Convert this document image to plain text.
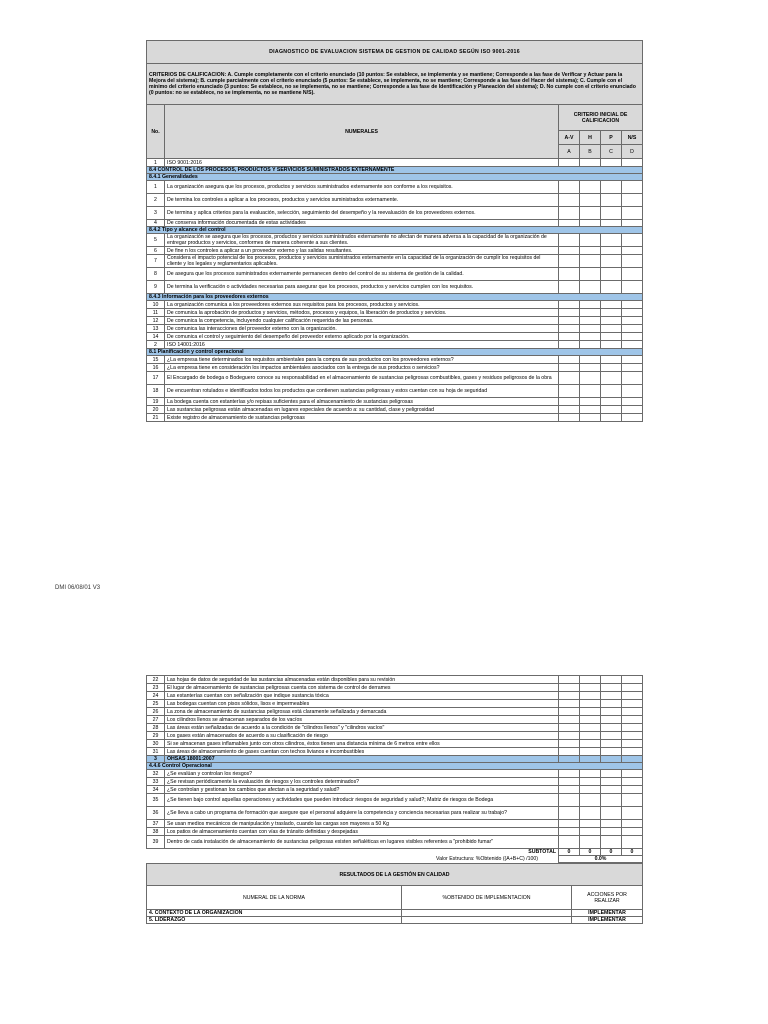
DIAGNOSTICO DE EVALUACION SISTEMA DE GESTION DE CALIDAD SEGÚN ISO 9001-2016					
CRITERIOS DE CALIFICACION: A. Cumple completamente con el criterio enunciado (10 puntos: Se establece, se implementa y se mantiene; Corresponde a las fase de Verificar y Actuar para la Mejora del sistema); B. cumple parcialmente con el criterio enunciado (5 puntos: Se establece, se implementa, no se mantiene; Corresponde a las fase del Hacer del sistema); C. Cumple con el mínimo del criterio enunciado (3 puntos: Se establece, no se implementa, no se mantiene; Corresponde a las fase de Identificación y Planeación del sistema); D. No cumple con el criterio enunciado (0 puntos: no se establece, no se implementa, no se mantiene N/S).					
No.	NUMERALES	CRITERIO INICIAL DE CALIFICACION			
		A-V	H	P	N/S
		A	B	C	D
1	ISO 9001:2016				
8.4 CONTROL DE LOS PROCESOS, PRODUCTOS Y SERVICIOS SUMINISTRADOS EXTERNAMENTE					
8.4.1 Generalidades					
1	La organización asegura que los procesos, productos y servicios suministrados externamente son conforme a los requisitos.				
2	De termina los controles a aplicar a los procesos, productos y servicios suministrados externamente.				
3	De termina y aplica criterios para la evaluación, selección, seguimiento del desempeño y la reevaluación de los proveedores externos.				
4	De conserva información documentada de estas actividades				
8.4.2 Tipo y alcance del control					
5	La organización se asegura que los procesos, productos y servicios suministrados externamente no afectan de manera adversa a la capacidad de la organización de entregar productos y servicios, conformes de manera coherente a sus clientes.				
6	De fine n los controles a aplicar a un proveedor externo y las salidas resultantes.				
7	Considera el impacto potencial de los procesos, productos y servicios suministrados externamente en la capacidad de la organización de cumplir los requisitos del cliente y los legales y reglamentarios aplicables.				
8	De asegura que los procesos suministrados externamente permanecen dentro del control de su sistema de gestión de la calidad.				
9	De termina la verificación o actividades necesarias para asegurar que los procesos, productos y servicios cumplen con los requisitos.				
8.4.3 Información para los proveedores externos					
10	La organización comunica a los proveedores externos sus requisitos para los procesos, productos y servicios.				
11	De comunica la aprobación de productos y servicios, métodos, procesos y equipos, la liberación de productos y servicios.				
12	De comunica la competencia, incluyendo cualquier calificación requerida de las personas.				
13	De comunica las interacciones del proveedor externo con la organización.				
14	De comunica el control y seguimiento del desempeño del proveedor externo aplicado por la organización.				
2	ISO 14001:2016				
8.1 Planificación y control operacional					
15	¿La empresa tiene determinados los requisitos ambientales para la compra de sus productos con los proveedores externos?				
16	¿La empresa tiene en consideración los impactos ambientales asociados con la entrega de sus productos o servicios?				
17	El Encargado de bodega o Bodeguero conoce su responsabilidad en el almacenamiento de sustancias peligrosas combustibles, gases y residuos peligrosos de la obra				
18	De encuentran rotulados e identificados todos los productos que contienen sustancias peligrosas y estos cuentan con su hoja de seguridad				
19	La bodega cuenta con estanterías y/o repisas suficientes para el almacenamiento de sustancias peligrosas				
20	Las sustancias peligrosas están almacenadas en lugares especiales de acuerdo a: su cantidad, clase y peligrosidad				
21	Existe registro de almacenamiento de sustancias peligrosas				
DMI 06/08/01 V3
22	Las hojas de datos de seguridad de las sustancias almacenadas están disponibles para su revisión				
23	El lugar de almacenamiento de sustancias peligrosas cuenta con sistema de control de derrames				
24	Las estanterías cuentan con señalización que indique sustancia tóxica				
25	Las bodegas cuentan con pisos sólidos, lisos e impermeables				
26	La zona de almacenamiento de sustancias peligrosas está claramente señalizada y demarcada				
27	Los cilindros llenos se almacenan separados de los vacíos				
28	Las áreas están señalizadas de acuerdo a la condición de "cilindros llenos" y "cilindros vacíos"				
29	Los gases están almacenados de acuerdo a su clasificación de riesgo				
30	Si se almacenan gases inflamables junto con otros cilindros, éstos tienen una distancia mínima de 6 metros entre ellos				
31	Las áreas de almacenamiento de gases cuentan con techos livianos e incombustibles				
3	OHSAS 18001:2007				
4.4.6 Control Operacional					
32	¿Se evalúan y controlan los riesgos?				
33	¿Se revisan periódicamente la evaluación de riesgos y los controles determinados?				
34	¿Se controlan y gestionan los cambios que afectan a la seguridad y salud?				
35	¿Se tienen bajo control aquellas operaciones y actividades que pueden introducir riesgos de seguridad y salud?; Matriz de riesgos de Bodega				
36	¿Se lleva a cabo un programa de formación que asegure que el personal adquiere la competencia y conciencia necesarias para realizar su trabajo?				
37	Se usan medios mecánicos de manipulación y traslado, cuando las cargas son mayores a 50 Kg				
38	Los patios de almacenamiento cuentan con vías de tránsito definidas y despejadas				
39	Dentro de cada instalación de almacenamiento de sustancias peligrosas existen señaléticas en lugares visibles referentes a "prohibido fumar"				
SUBTOTAL		0	0	0	0
Valor Estructura: %Obtenido ((A+B+C) /100)		0.0%			
RESULTADOS DE LA GESTIÓN EN CALIDAD		
NUMERAL DE LA NORMA	%OBTENIDO DE IMPLEMENTACION	ACCIONES POR REALIZAR
4. CONTEXTO DE LA ORGANIZACIÓN		IMPLEMENTAR
5. LIDERAZGO		IMPLEMENTAR
